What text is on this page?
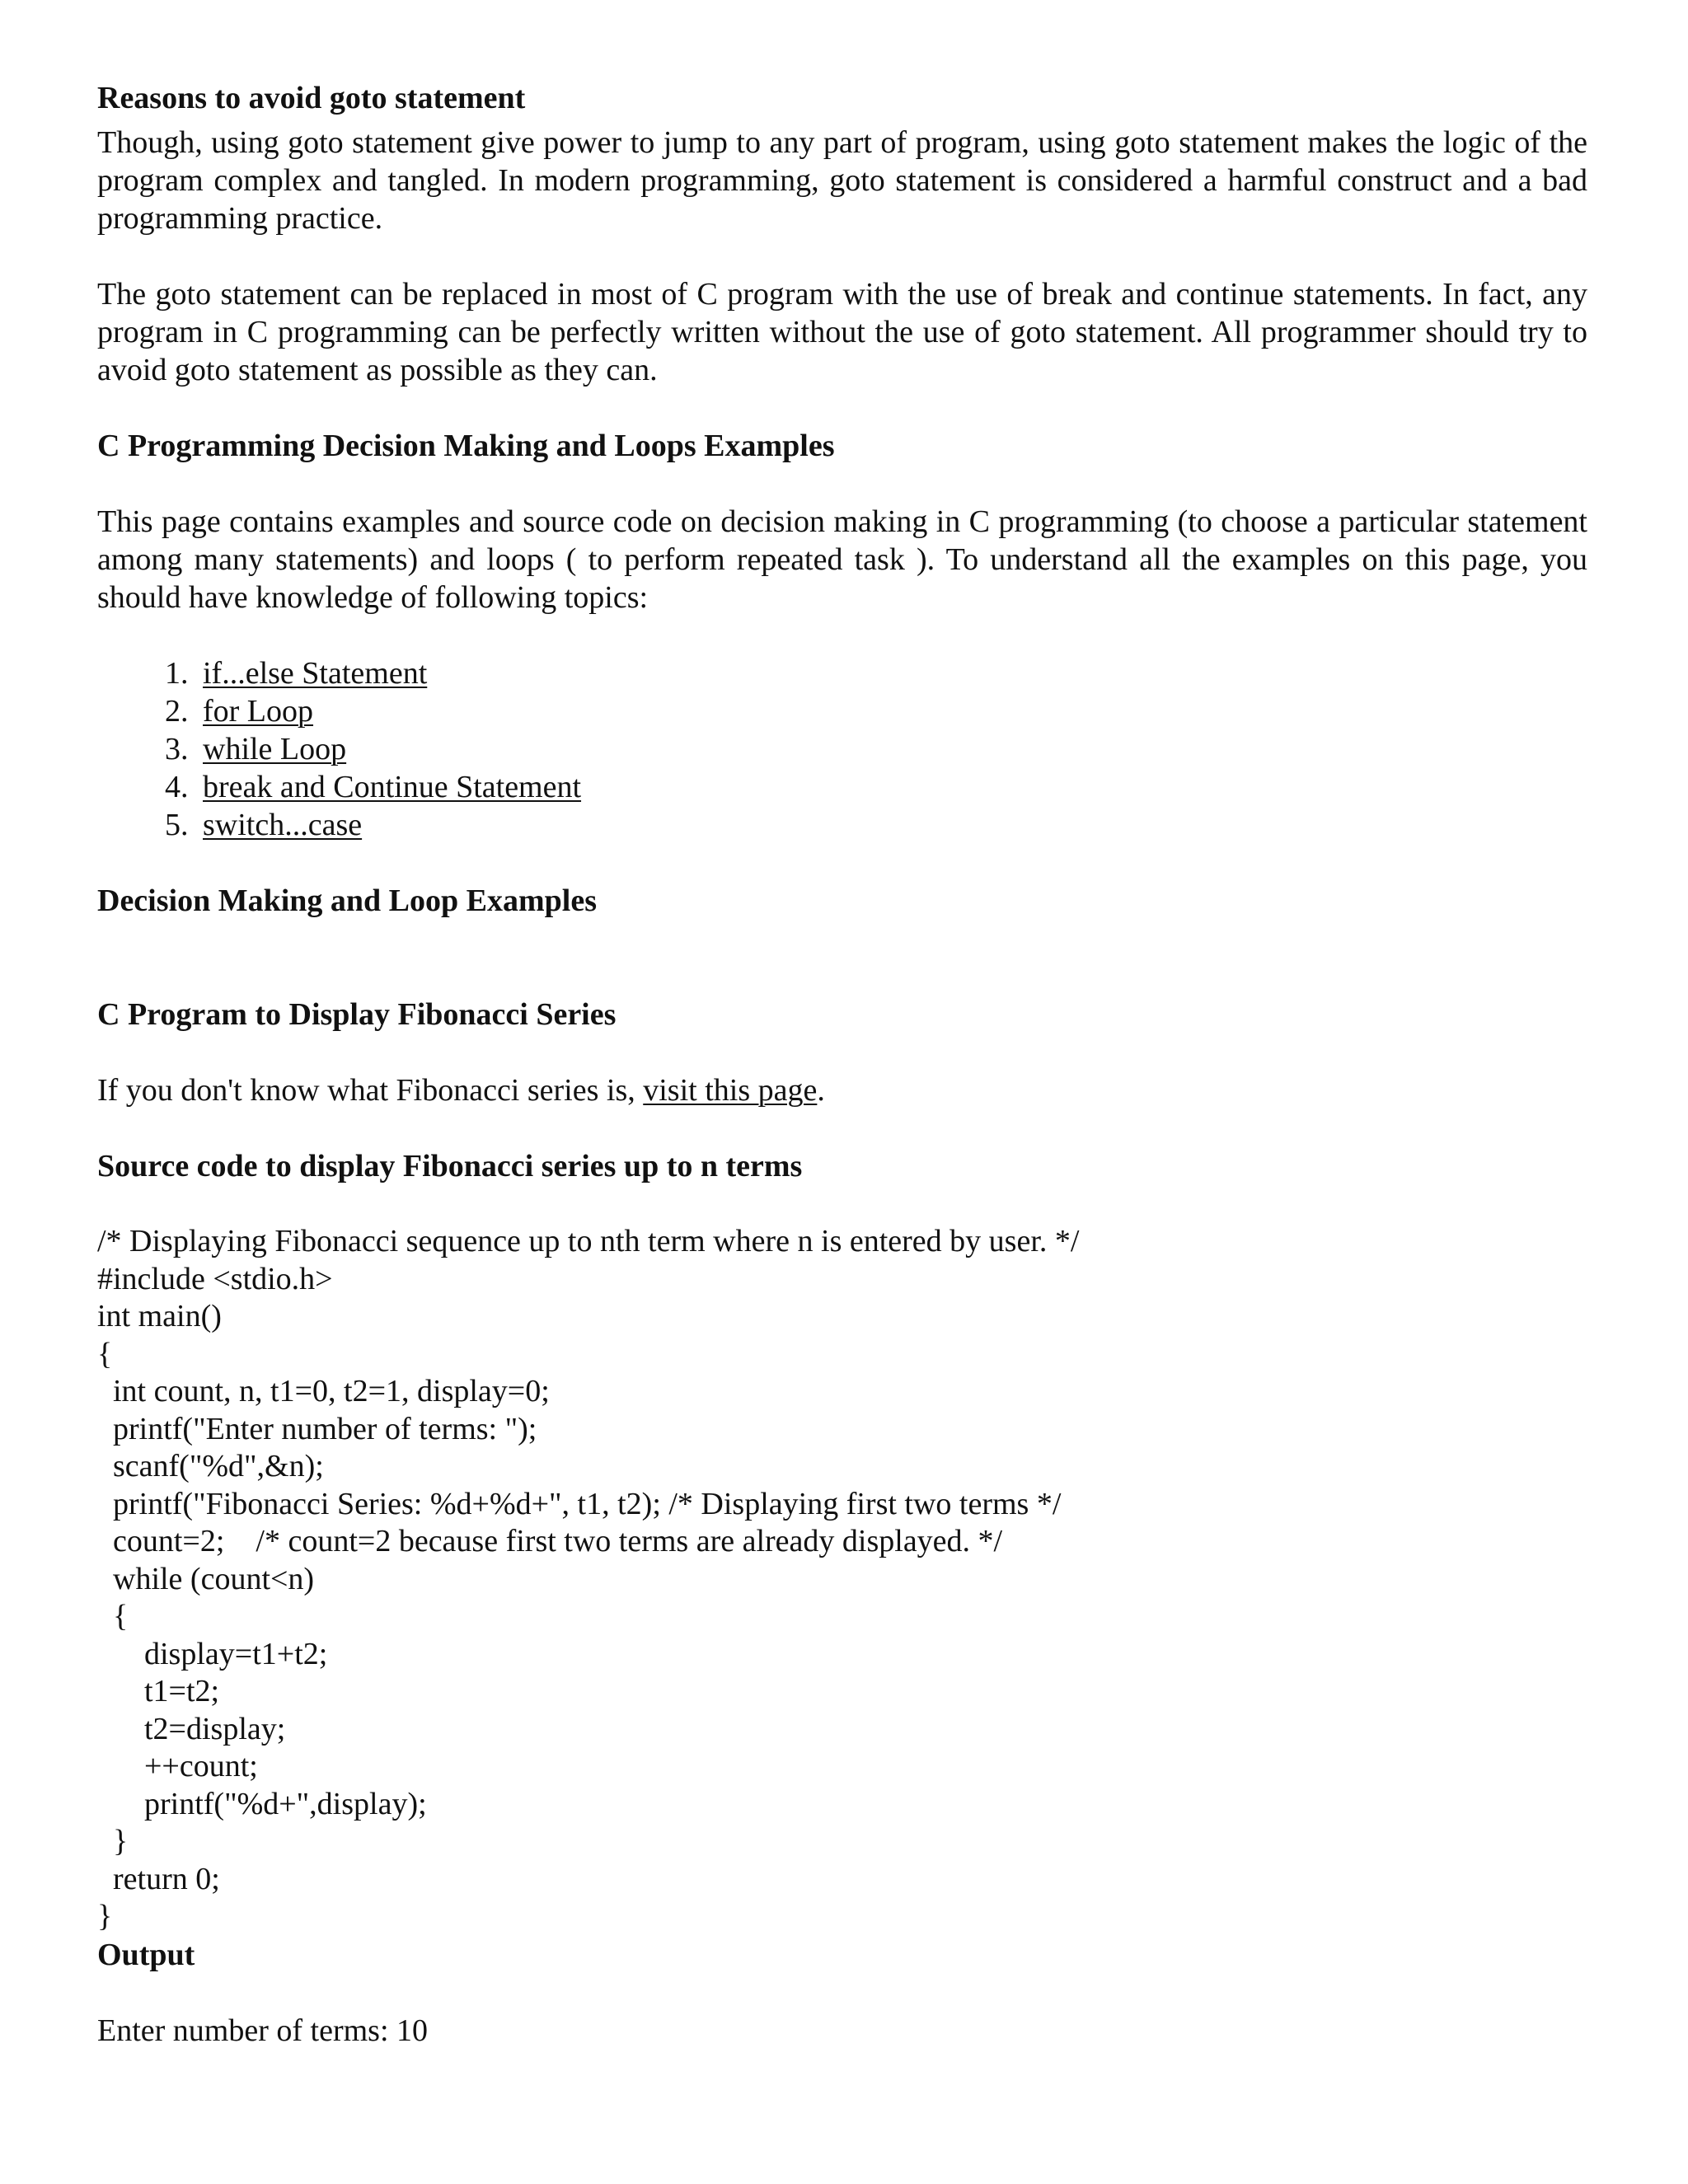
Reasons to avoid goto statement

Though, using goto statement give power to jump to any part of program, using goto statement makes the logic of the program complex and tangled. In modern programming, goto statement is considered a harmful construct and a bad programming practice.

The goto statement can be replaced in most of C program with the use of break and continue statements. In fact, any program in C programming can be perfectly written without the use of goto statement. All programmer should try to avoid goto statement as possible as they can.

C Programming Decision Making and Loops Examples

This page contains examples and source code on decision making in C programming (to choose a particular statement among many statements) and loops ( to perform repeated task ). To understand all the examples on this page, you should have knowledge of following topics:

1. if...else Statement
2. for Loop
3. while Loop
4. break and Continue Statement
5. switch...case
Decision Making and Loop Examples
C Program to Display Fibonacci Series

If you don't know what Fibonacci series is, visit this page.

Source code to display Fibonacci series up to n terms
/* Displaying Fibonacci sequence up to nth term where n is entered by user. */
#include <stdio.h>
int main()
{
int count, n, t1=0, t2=1, display=0;
printf("Enter number of terms: ");
scanf("%d",&n);
printf("Fibonacci Series: %d+%d+", t1, t2); /* Displaying first two terms */
count=2;    /* count=2 because first two terms are already displayed. */
while (count<n)
{
display=t1+t2;
t1=t2;
t2=display;
++count;
printf("%d+",display);
}
return 0;
}
Output

Enter number of terms: 10
